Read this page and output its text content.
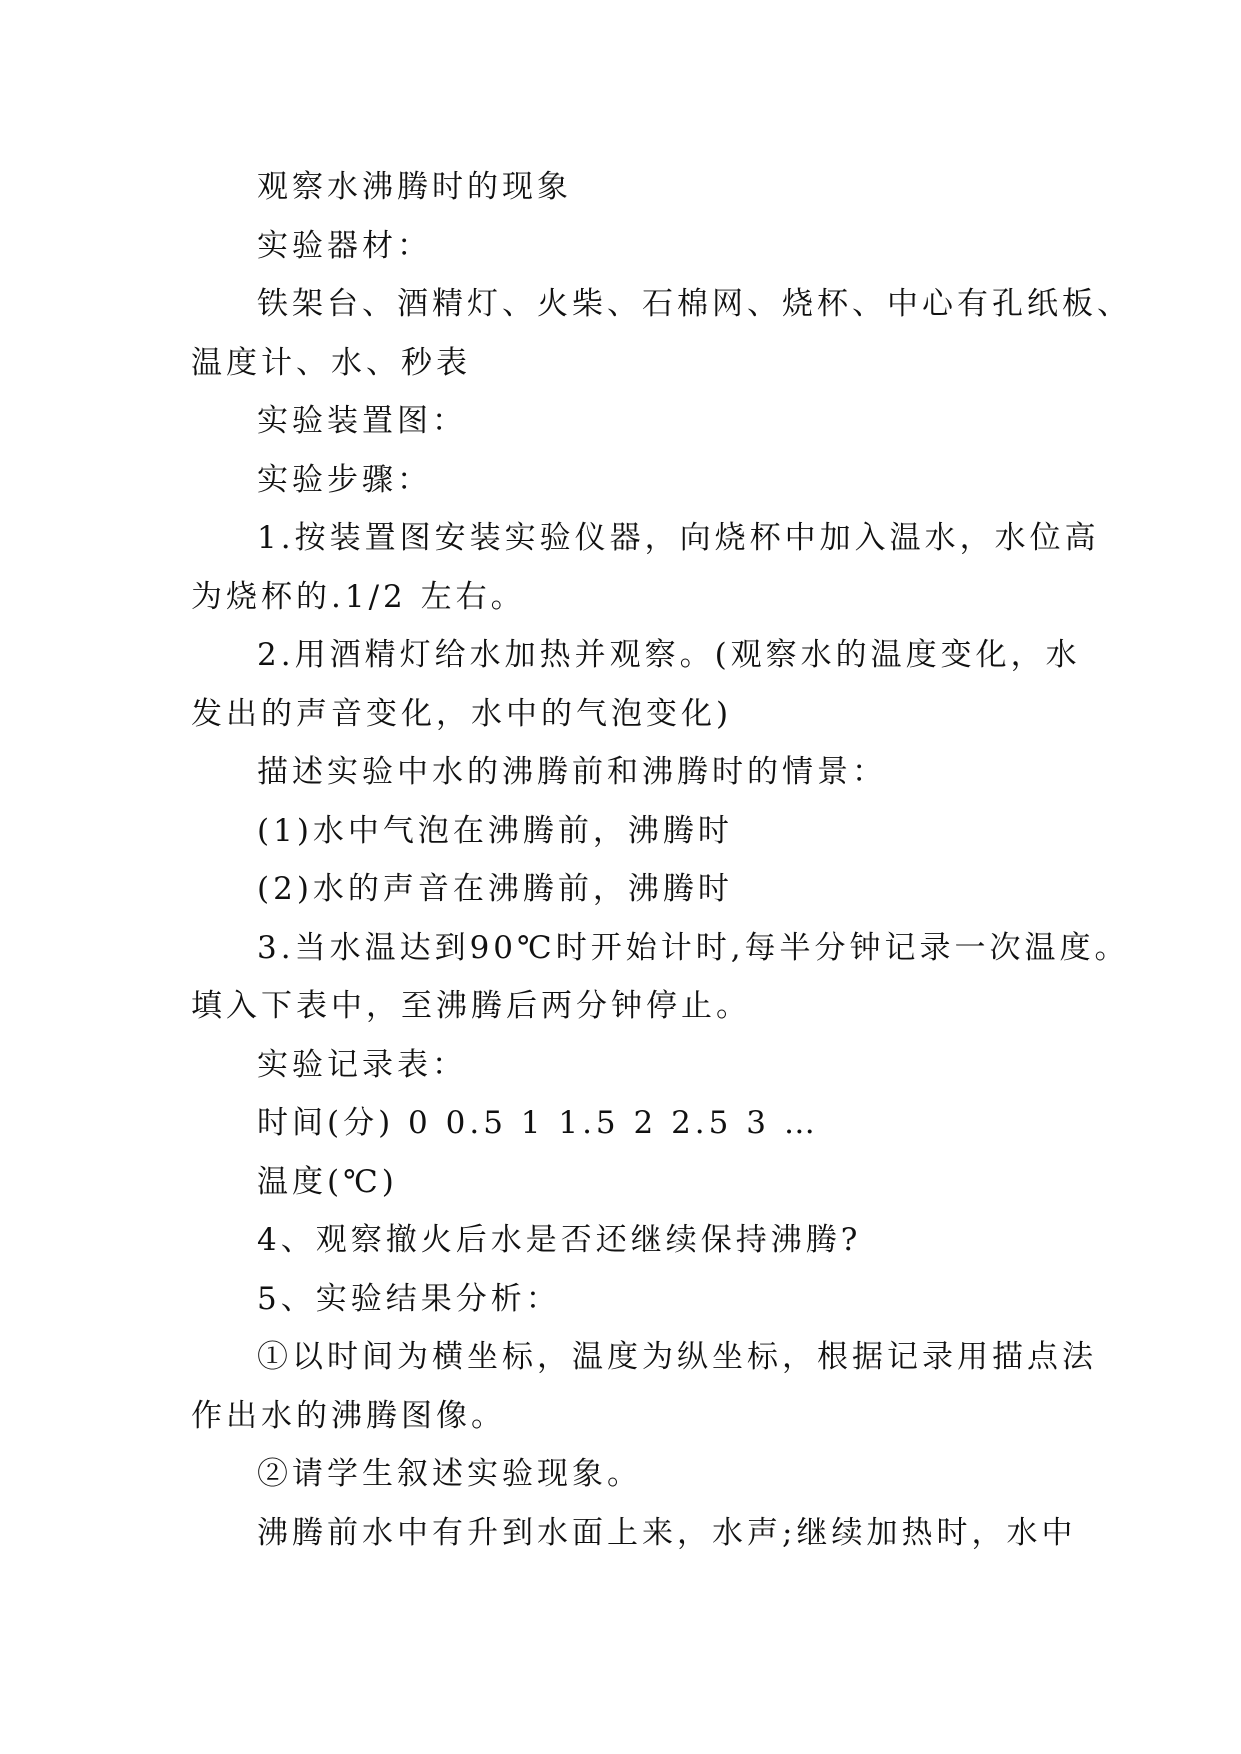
观察水沸腾时的现象

实验器材：

铁架台、酒精灯、火柴、石棉网、烧杯、中心有孔纸板、

温度计、水、秒表

实验装置图：

实验步骤：

1.按装置图安装实验仪器，向烧杯中加入温水，水位高

为烧杯的.1/2 左右。

2.用酒精灯给水加热并观察。(观察水的温度变化，水

发出的声音变化，水中的气泡变化)

描述实验中水的沸腾前和沸腾时的情景：

(1)水中气泡在沸腾前，沸腾时

(2)水的声音在沸腾前，沸腾时

3.当水温达到90℃时开始计时,每半分钟记录一次温度。

填入下表中，至沸腾后两分钟停止。

实验记录表：

时间(分) 0 0.5 1 1.5 2 2.5 3 …

温度(℃)

4、观察撤火后水是否还继续保持沸腾?

5、实验结果分析：

①以时间为横坐标，温度为纵坐标，根据记录用描点法

作出水的沸腾图像。

②请学生叙述实验现象。

沸腾前水中有升到水面上来，水声;继续加热时，水中
